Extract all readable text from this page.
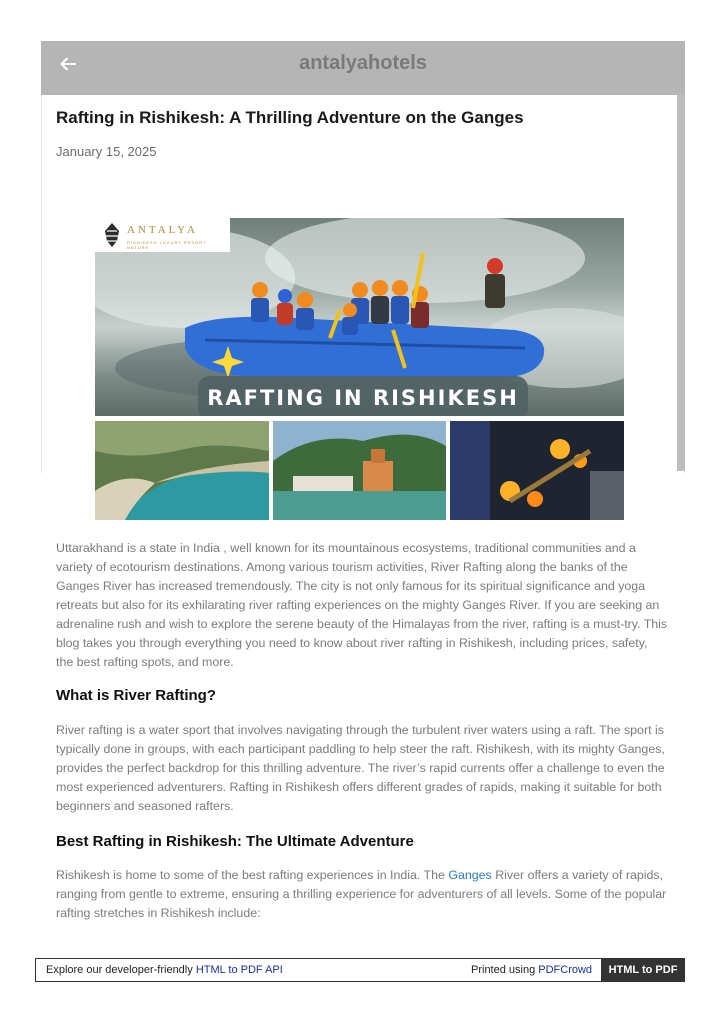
antalyahotels
Rafting in Rishikesh: A Thrilling Adventure on the Ganges
January 15, 2025
ANTALYA
RISHIKESH LUXURY RESORT NATURE
RAFTING IN RISHIKESH

Uttarakhand is a state in India , well known for its mountainous ecosystems, traditional communities and a variety of ecotourism destinations. Among various tourism activities, River Rafting along the banks of the Ganges River has increased tremendously. The city is not only famous for its spiritual significance and yoga retreats but also for its exhilarating river rafting experiences on the mighty Ganges River. If you are seeking an adrenaline rush and wish to explore the serene beauty of the Himalayas from the river, rafting is a must-try. This blog takes you through everything you need to know about river rafting in Rishikesh, including prices, safety, the best rafting spots, and more.

What is River Rafting?

River rafting is a water sport that involves navigating through the turbulent river waters using a raft. The sport is typically done in groups, with each participant paddling to help steer the raft. Rishikesh, with its mighty Ganges, provides the perfect backdrop for this thrilling adventure. The river’s rapid currents offer a challenge to even the most experienced adventurers. Rafting in Rishikesh offers different grades of rapids, making it suitable for both beginners and seasoned rafters.

Best Rafting in Rishikesh: The Ultimate Adventure

Rishikesh is home to some of the best rafting experiences in India. The Ganges River offers a variety of rapids, ranging from gentle to extreme, ensuring a thrilling experience for adventurers of all levels. Some of the popular rafting stretches in Rishikesh include:

Explore our developer-friendly HTML to PDF API	Printed using PDFCrowd	HTML to PDF
